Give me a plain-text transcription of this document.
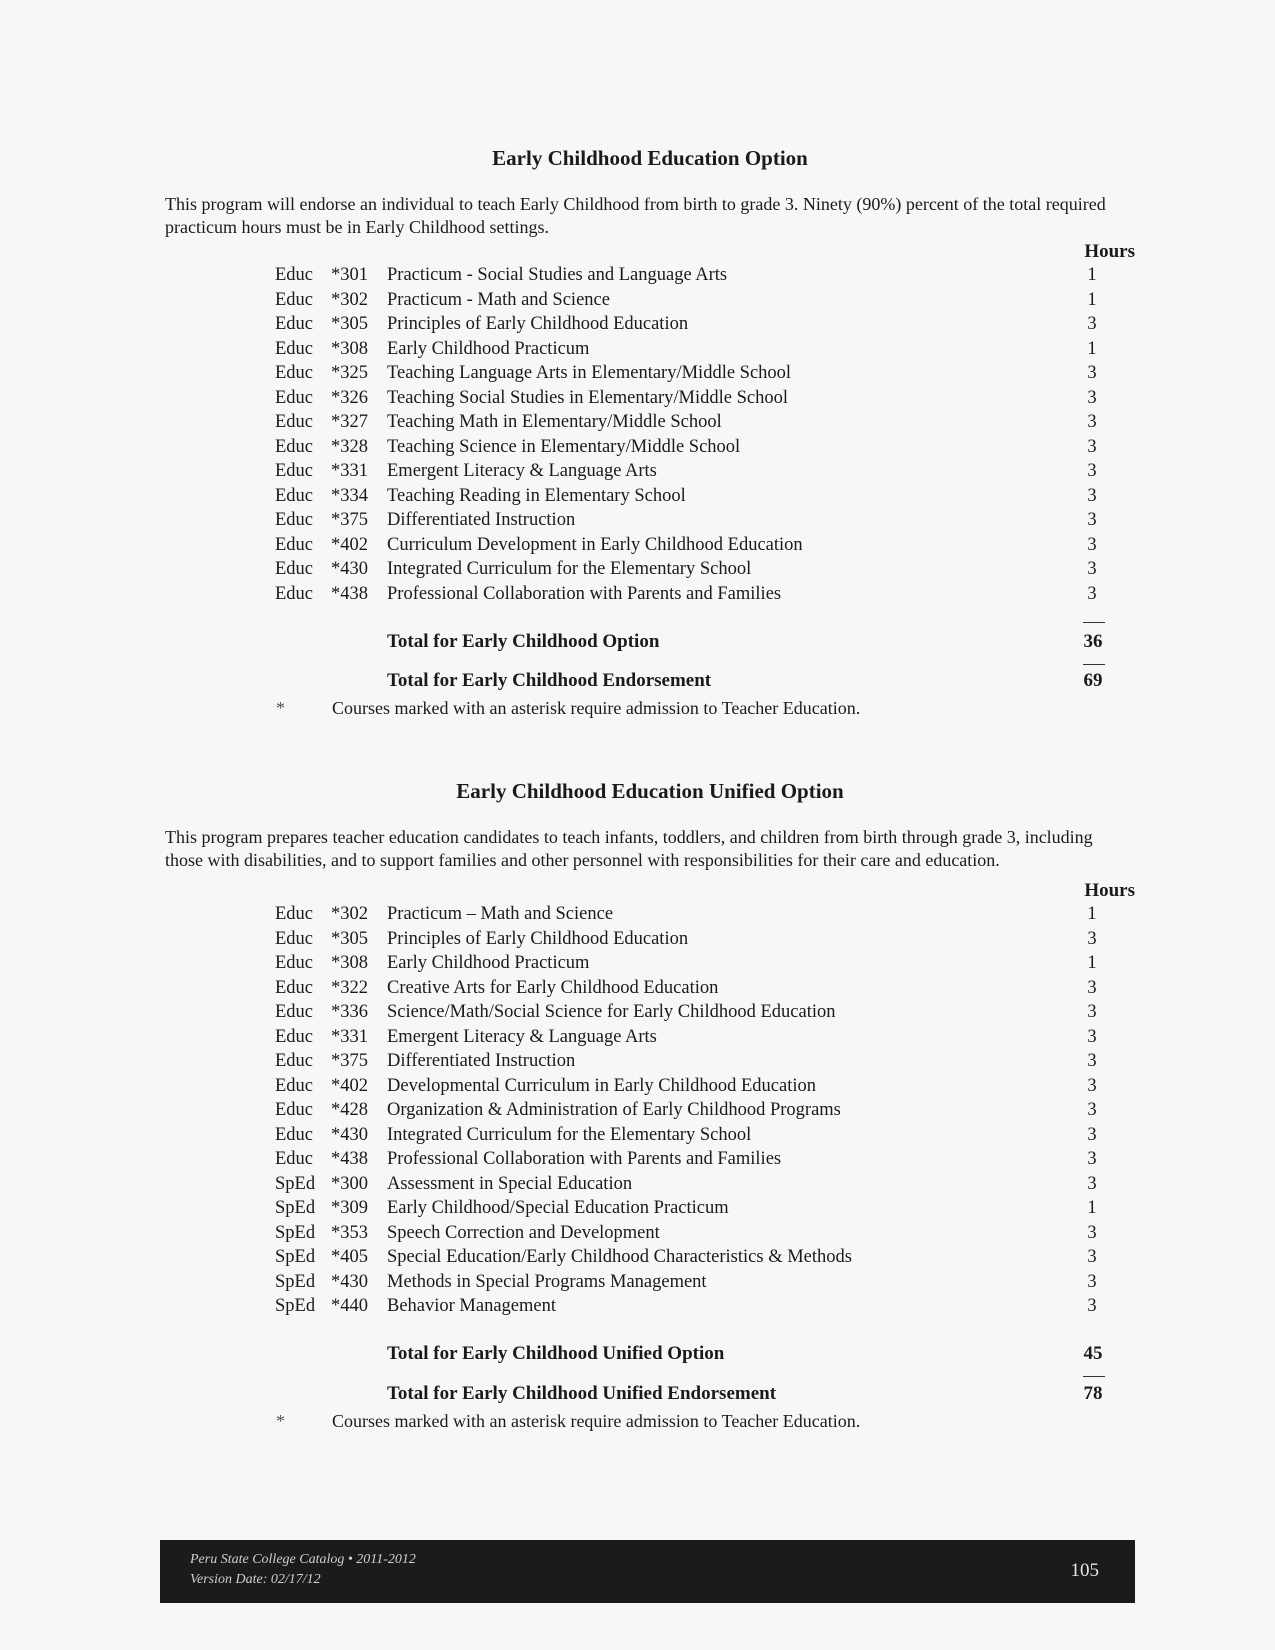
Early Childhood Education Option

This program will endorse an individual to teach Early Childhood from birth to grade 3. Ninety (90%) percent of the total required practicum hours must be in Early Childhood settings.

Hours
Educ *301 Practicum - Social Studies and Language Arts	1
Educ *302 Practicum - Math and Science	1
Educ *305 Principles of Early Childhood Education	3
Educ *308 Early Childhood Practicum	1
Educ *325 Teaching Language Arts in Elementary/Middle School	3
Educ *326 Teaching Social Studies in Elementary/Middle School	3
Educ *327 Teaching Math in Elementary/Middle School	3
Educ *328 Teaching Science in Elementary/Middle School	3
Educ *331 Emergent Literacy & Language Arts	3
Educ *334 Teaching Reading in Elementary School	3
Educ *375 Differentiated Instruction	3
Educ *402 Curriculum Development in Early Childhood Education	3
Educ *430 Integrated Curriculum for the Elementary School	3
Educ *438 Professional Collaboration with Parents and Families	3
Total for Early Childhood Option	36
Total for Early Childhood Endorsement	69
*	Courses marked with an asterisk require admission to Teacher Education.
Early Childhood Education Unified Option

This program prepares teacher education candidates to teach infants, toddlers, and children from birth through grade 3, including those with disabilities, and to support families and other personnel with responsibilities for their care and education.

Hours
Educ *302 Practicum – Math and Science	1
Educ *305 Principles of Early Childhood Education	3
Educ *308 Early Childhood Practicum	1
Educ *322 Creative Arts for Early Childhood Education	3
Educ *336 Science/Math/Social Science for Early Childhood Education	3
Educ *331 Emergent Literacy & Language Arts	3
Educ *375 Differentiated Instruction	3
Educ *402 Developmental Curriculum in Early Childhood Education	3
Educ *428 Organization & Administration of Early Childhood Programs	3
Educ *430 Integrated Curriculum for the Elementary School	3
Educ *438 Professional Collaboration with Parents and Families	3
SpEd *300 Assessment in Special Education	3
SpEd *309 Early Childhood/Special Education Practicum	1
SpEd *353 Speech Correction and Development	3
SpEd *405 Special Education/Early Childhood Characteristics & Methods	3
SpEd *430 Methods in Special Programs Management	3
SpEd *440 Behavior Management	3
Total for Early Childhood Unified Option	45
Total for Early Childhood Unified Endorsement	78
*	Courses marked with an asterisk require admission to Teacher Education.
Peru State College Catalog • 2011-2012
Version Date: 02/17/12	105
